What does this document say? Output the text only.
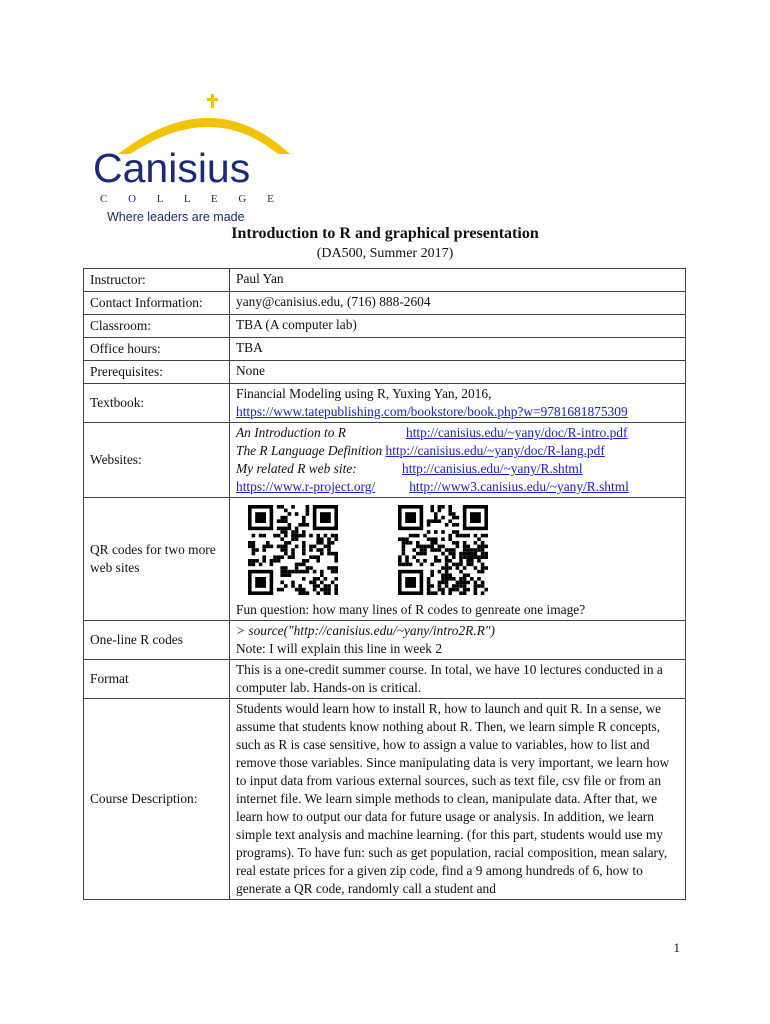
Canisius
C O L L E G E
Where leaders are made
Introduction to R and graphical presentation
(DA500, Summer 2017)
Instructor:	Paul Yan
Contact Information:	yany@canisius.edu, (716) 888-2604
Classroom:	TBA (A computer lab)
Office hours:	TBA
Prerequisites:	None
Textbook:	Financial Modeling using R, Yuxing Yan, 2016,
https://www.tatepublishing.com/bookstore/book.php?w=9781681875309

Websites:	An Introduction to R http://canisius.edu/~yany/doc/R-intro.pdf
The R Language Definition http://canisius.edu/~yany/doc/R-lang.pdf
My related R web site: http://canisius.edu/~yany/R.shtml
https://www.r-project.org/ http://www3.canisius.edu/~yany/R.shtml

QR codes for two more web sites	Fun question: how many lines of R codes to genreate one image?

One-line R codes	> source("http://canisius.edu/~yany/intro2R.R")
Note: I will explain this line in week 2

Format	This is a one-credit summer course. In total, we have 10 lectures conducted in a computer lab. Hands-on is critical.
Course Description:	Students would learn how to install R, how to launch and quit R. In a sense, we assume that students know nothing about R. Then, we learn simple R concepts, such as R is case sensitive, how to assign a value to variables, how to list and remove those variables. Since manipulating data is very important, we learn how to input data from various external sources, such as text file, csv file or from an internet file. We learn simple methods to clean, manipulate data. After that, we learn how to output our data for future usage or analysis. In addition, we learn simple text analysis and machine learning. (for this part, students would use my programs). To have fun: such as get population, racial composition, mean salary, real estate prices for a given zip code, find a 9 among hundreds of 6, how to generate a QR code, randomly call a student and
1
